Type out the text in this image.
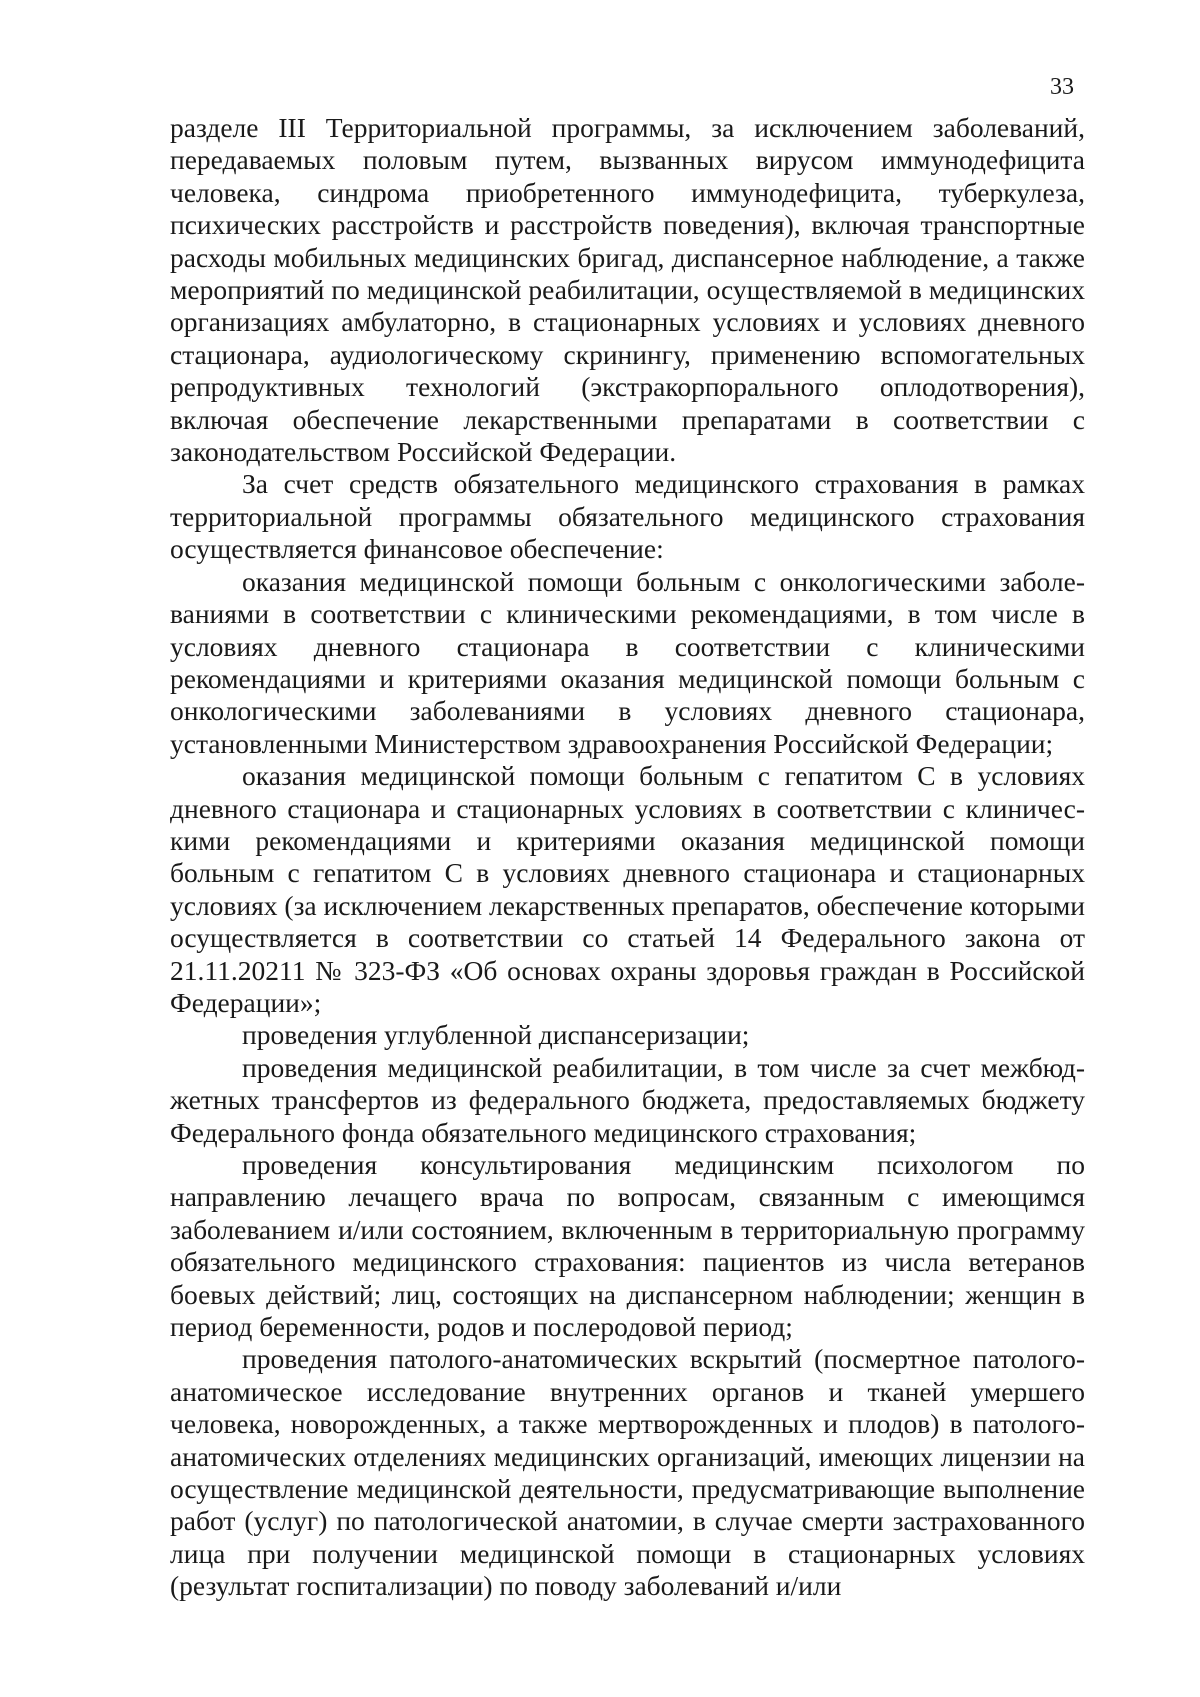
33

разделе III Территориальной программы, за исключением заболеваний, передаваемых половым путем, вызванных вирусом иммунодефицита человека, синдрома приобретенного иммунодефицита, туберкулеза, психических расстройств и расстройств поведения), включая транспортные расходы мобильных медицинских бригад, диспансерное наблюдение, а также мероприятий по медицинской реабилитации, осуществляемой в медицинских организациях амбулаторно, в стационарных условиях и условиях дневного стационара, аудиологическому скринингу, применению вспомогательных репродуктивных технологий (экстракорпорального оплодотворения), включая обеспечение лекарственными препаратами в соответствии с законодательством Российской Федерации.

За счет средств обязательного медицинского страхования в рамках территориальной программы обязательного медицинского страхования осуществляется финансовое обеспечение:

оказания медицинской помощи больным с онкологическими заболеваниями в соответствии с клиническими рекомендациями, в том числе в условиях дневного стационара в соответствии с клиническими рекомендациями и критериями оказания медицинской помощи больным с онкологическими заболеваниями в условиях дневного стационара, установленными Министерством здравоохранения Российской Федерации;

оказания медицинской помощи больным с гепатитом С в условиях дневного стационара и стационарных условиях в соответствии с клиническими рекомендациями и критериями оказания медицинской помощи больным с гепатитом С в условиях дневного стационара и стационарных условиях (за исключением лекарственных препаратов, обеспечение которыми осуществляется в соответствии со статьей 14 Федерального закона от 21.11.20211 № 323-ФЗ «Об основах охраны здоровья граждан в Российской Федерации»;

проведения углубленной диспансеризации;

проведения медицинской реабилитации, в том числе за счет межбюджетных трансфертов из федерального бюджета, предоставляемых бюджету Федерального фонда обязательного медицинского страхования;

проведения консультирования медицинским психологом по направлению лечащего врача по вопросам, связанным с имеющимся заболеванием и/или состоянием, включенным в территориальную программу обязательного медицинского страхования: пациентов из числа ветеранов боевых действий; лиц, состоящих на диспансерном наблюдении; женщин в период беременности, родов и послеродовой период;

проведения патолого-анатомических вскрытий (посмертное патологоанатомическое исследование внутренних органов и тканей умершего человека, новорожденных, а также мертворожденных и плодов) в патологоанатомических отделениях медицинских организаций, имеющих лицензии на осуществление медицинской деятельности, предусматривающие выполнение работ (услуг) по патологической анатомии, в случае смерти застрахованного лица при получении медицинской помощи в стационарных условиях (результат госпитализации) по поводу заболеваний и/или
